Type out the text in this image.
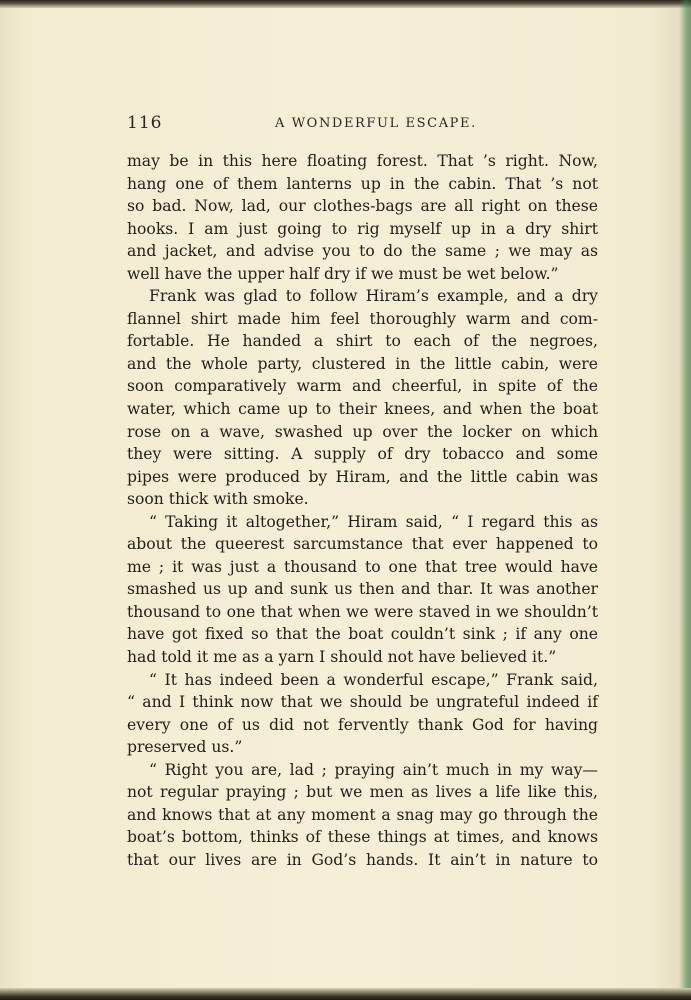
116	A WONDERFUL ESCAPE.
may be in this here floating forest. That ’s right. Now,
hang one of them lanterns up in the cabin. That ’s not
so bad. Now, lad, our clothes-bags are all right on these
hooks. I am just going to rig myself up in a dry shirt
and jacket, and advise you to do the same ; we may as
well have the upper half dry if we must be wet below.”
Frank was glad to follow Hiram’s example, and a dry
flannel shirt made him feel thoroughly warm and com-
fortable. He handed a shirt to each of the negroes,
and the whole party, clustered in the little cabin, were
soon comparatively warm and cheerful, in spite of the
water, which came up to their knees, and when the boat
rose on a wave, swashed up over the locker on which
they were sitting. A supply of dry tobacco and some
pipes were produced by Hiram, and the little cabin was
soon thick with smoke.
“ Taking it altogether,” Hiram said, “ I regard this as
about the queerest sarcumstance that ever happened to
me ; it was just a thousand to one that tree would have
smashed us up and sunk us then and thar. It was another
thousand to one that when we were staved in we shouldn’t
have got fixed so that the boat couldn’t sink ; if any one
had told it me as a yarn I should not have believed it.”
“ It has indeed been a wonderful escape,” Frank said,
“ and I think now that we should be ungrateful indeed if
every one of us did not fervently thank God for having
preserved us.”
“ Right you are, lad ; praying ain’t much in my way—
not regular praying ; but we men as lives a life like this,
and knows that at any moment a snag may go through the
boat’s bottom, thinks of these things at times, and knows
that our lives are in God’s hands. It ain’t in nature to
